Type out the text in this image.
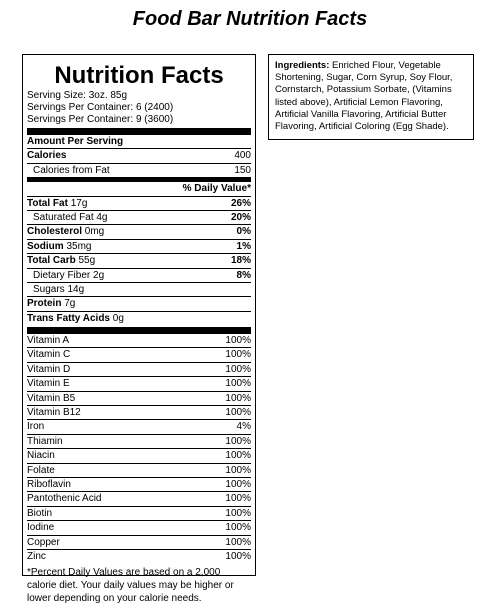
Food Bar Nutrition Facts
Nutrition Facts
Serving Size: 3oz. 85g
Servings Per Container: 6 (2400)
Servings Per Container: 9 (3600)
Amount Per Serving
Calories	400
Calories from Fat	150
% Daily Value*
Total Fat 17g	26%
Saturated Fat 4g	20%
Cholesterol 0mg	0%
Sodium 35mg	1%
Total Carb 55g	18%
Dietary Fiber 2g	8%
Sugars 14g
Protein 7g
Trans Fatty Acids 0g
Vitamin A	100%
Vitamin C	100%
Vitamin D	100%
Vitamin E	100%
Vitamin B5	100%
Vitamin B12	100%
Iron	4%
Thiamin	100%
Niacin	100%
Folate	100%
Riboflavin	100%
Pantothenic Acid	100%
Biotin	100%
Iodine	100%
Copper	100%
Zinc	100%
*Percent Daily Values are based on a 2,000 calorie diet. Your daily values may be higher or lower depending on your calorie needs.
Ingredients: Enriched Flour, Vegetable Shortening, Sugar, Corn Syrup, Soy Flour, Cornstarch, Potassium Sorbate, (Vitamins listed above), Artificial Lemon Flavoring, Artificial Vanilla Flavoring, Artificial Butter Flavoring, Artificial Coloring (Egg Shade).
